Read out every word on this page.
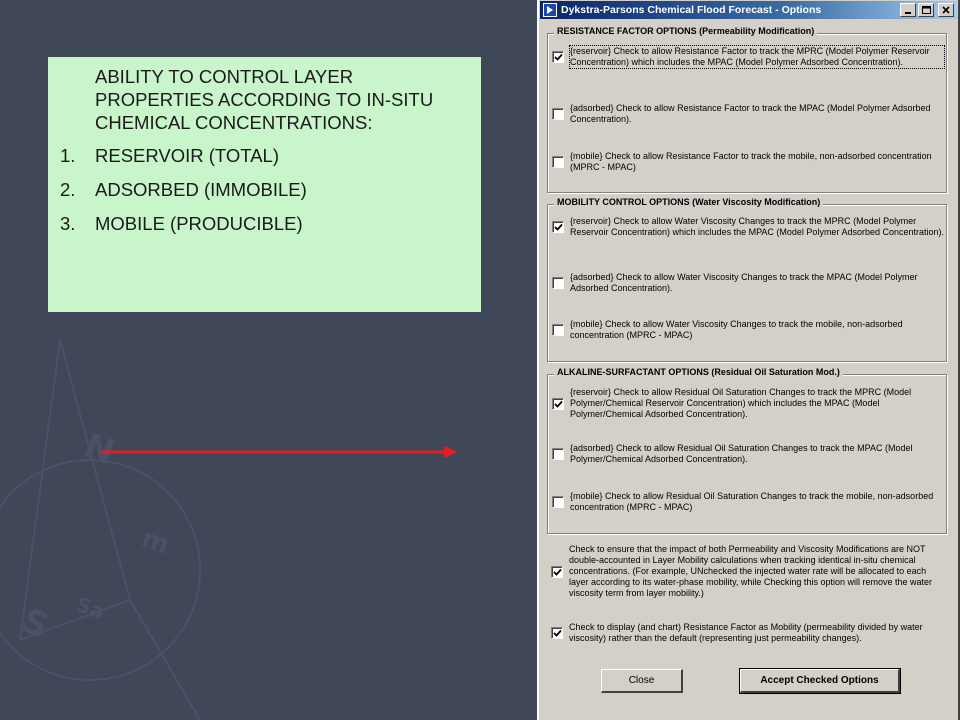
N
m
S Sa

ABILITY TO CONTROL LAYER PROPERTIES ACCORDING TO IN-SITU CHEMICAL CONCENTRATIONS:

1.	RESERVOIR (TOTAL)
2.	ADSORBED (IMMOBILE)
3.	MOBILE (PRODUCIBLE)
Dykstra-Parsons Chemical Flood Forecast - Options
RESISTANCE FACTOR OPTIONS (Permeability Modification)
{reservoir} Check to allow Resistance Factor to track the MPRC (Model Polymer Reservoir Concentration) which includes the MPAC (Model Polymer Adsorbed Concentration).
{adsorbed} Check to allow Resistance Factor to track the MPAC (Model Polymer Adsorbed Concentration).
{mobile} Check to allow Resistance Factor to track the mobile, non-adsorbed concentration (MPRC - MPAC)
MOBILITY CONTROL OPTIONS (Water Viscosity Modification)
{reservoir} Check to allow Water Viscosity Changes to track the MPRC (Model Polymer Reservoir Concentration) which includes the MPAC (Model Polymer Adsorbed Concentration).
{adsorbed} Check to allow Water Viscosity Changes to track the MPAC (Model Polymer Adsorbed Concentration).
{mobile} Check to allow Water Viscosity Changes to track the mobile, non-adsorbed concentration (MPRC - MPAC)
ALKALINE-SURFACTANT OPTIONS (Residual Oil Saturation Mod.)
{reservoir} Check to allow Residual Oil Saturation Changes to track the MPRC (Model Polymer/Chemical Reservoir Concentration) which includes the MPAC (Model Polymer/Chemical Adsorbed Concentration).
{adsorbed} Check to allow Residual Oil Saturation Changes to track the MPAC (Model Polymer/Chemical Adsorbed Concentration).
{mobile} Check to allow Residual Oil Saturation Changes to track the mobile, non-adsorbed concentration (MPRC - MPAC)
Check to ensure that the impact of both Permeability and Viscosity Modifications are NOT double-accounted in Layer Mobility calculations when tracking identical in-situ chemical concentrations. (For example, UNchecked the injected water rate will be allocated to each layer according to its water-phase mobility, while Checking this option will remove the water viscosity term from layer mobility.)
Check to display (and chart) Resistance Factor as Mobility (permeability divided by water viscosity) rather than the default (representing just permeability changes).
Close	Accept Checked Options
